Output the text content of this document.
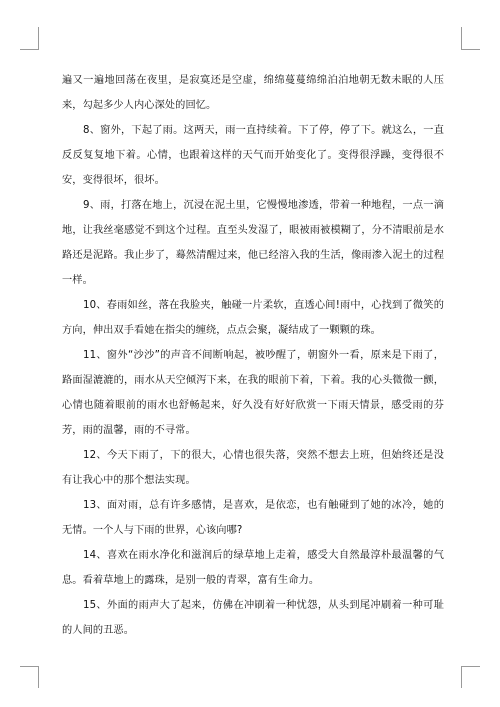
遍又一遍地回荡在夜里，是寂寞还是空虚，绵绵蔓蔓绵绵泊泊地朝无数未眠的人压来，勾起多少人内心深处的回忆。

8、窗外，下起了雨。这两天，雨一直持续着。下了停，停了下。就这么，一直反反复复地下着。心情，也跟着这样的天气而开始变化了。变得很浮躁，变得很不安，变得很坏，很坏。

9、雨，打落在地上，沉浸在泥土里，它慢慢地渗透，带着一种地程，一点一滴地，让我丝毫感觉不到这个过程。直至头发湿了，眼被雨被模糊了，分不清眼前是水路还是泥路。我止步了，蓦然清醒过来，他已经溶入我的生活，像雨渗入泥土的过程一样。

10、春雨如丝，落在我脸夹，触碰一片柔软，直透心间!雨中，心找到了微笑的方向，伸出双手看她在指尖的缠绕，点点会聚，凝结成了一颗颗的珠。

11、窗外“沙沙”的声音不间断响起，被吵醒了，朝窗外一看，原来是下雨了，路面湿漉漉的，雨水从天空倾泻下来，在我的眼前下着，下着。我的心头微微一颤，心情也随着眼前的雨水也舒畅起来，好久没有好好欣赏一下雨天情景，感受雨的芬芳，雨的温馨，雨的不寻常。

12、今天下雨了，下的很大，心情也很失落，突然不想去上班，但始终还是没有让我心中的那个想法实现。

13、面对雨，总有许多感情，是喜欢，是依恋，也有触碰到了她的冰冷，她的无情。一个人与下雨的世界，心该向哪?

14、喜欢在雨水净化和滋润后的绿草地上走着，感受大自然最淳朴最温馨的气息。看着草地上的露珠，是别一般的青翠，富有生命力。

15、外面的雨声大了起来，仿佛在冲刷着一种忧怨，从头到尾冲刷着一种可耻的人间的丑恶。
